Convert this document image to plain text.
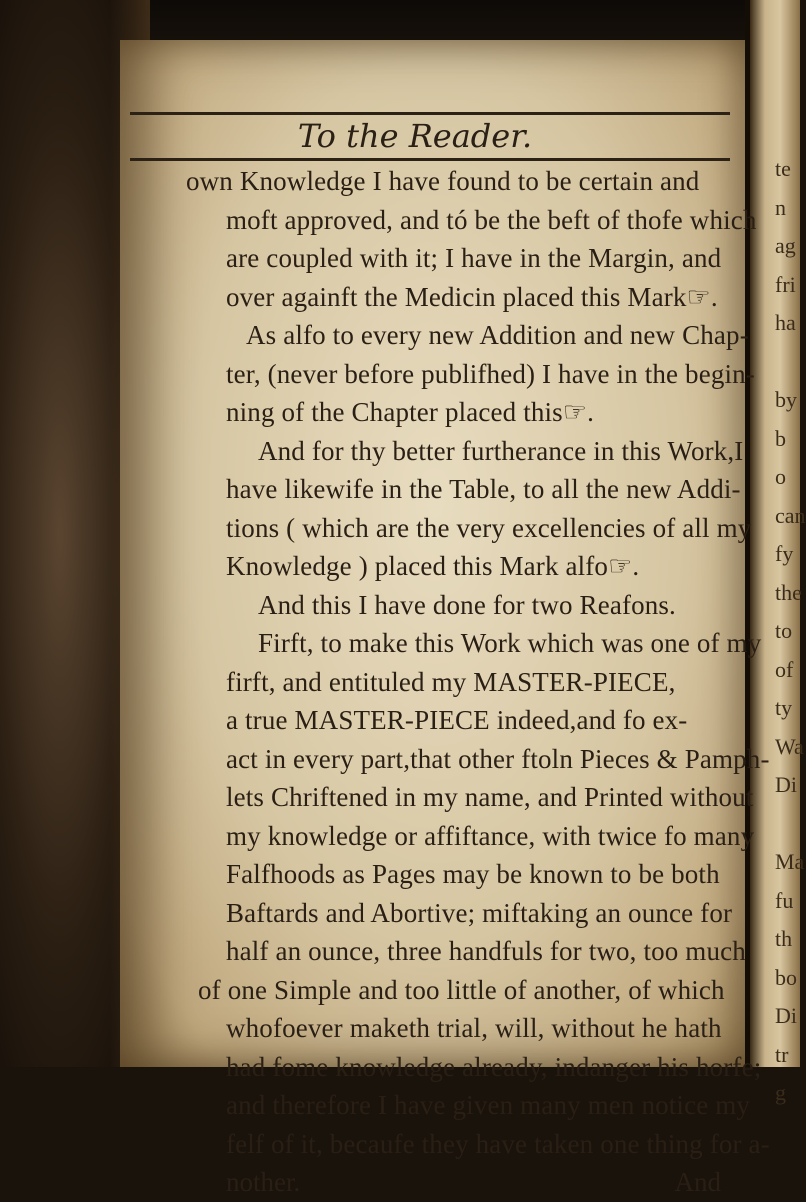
te
n
ag
fri
ha
by
b
o
can
fy
the
to
of
ty
Wa
Di
Ma
fu
th
bo
Di
tr
g
To the Reader.
own Knowledge I have found to be certain and
moft approved, and tó be the beft of thofe which
are coupled with it; I have in the Margin, and
over againft the Medicin placed this Mark☞.
As alfo to every new Addition and new Chap-
ter, (never before publifhed) I have in the begin-
ning of the Chapter placed this☞.
And for thy better furtherance in this Work,I
have likewife in the Table, to all the new Addi-
tions ( which are the very excellencies of all my
Knowledge ) placed this Mark alfo☞.
And this I have done for two Reafons.
Firft, to make this Work which was one of my
firft, and entituled my MASTER-PIECE,
a true MASTER-PIECE indeed,and fo ex-
act in every part,that other ftoln Pieces & Pamph-
lets Chriftened in my name, and Printed without
my knowledge or affiftance, with twice fo many
Falfhoods as Pages may be known to be both
Baftards and Abortive; miftaking an ounce for
half an ounce, three handfuls for two, too much
of one Simple and too little of another, of which
whofoever maketh trial, will, without he hath
had fome knowledge already, indanger his horfe;
and therefore I have given many men notice my
felf of it, becaufe they have taken one thing for a-
nother.	And
